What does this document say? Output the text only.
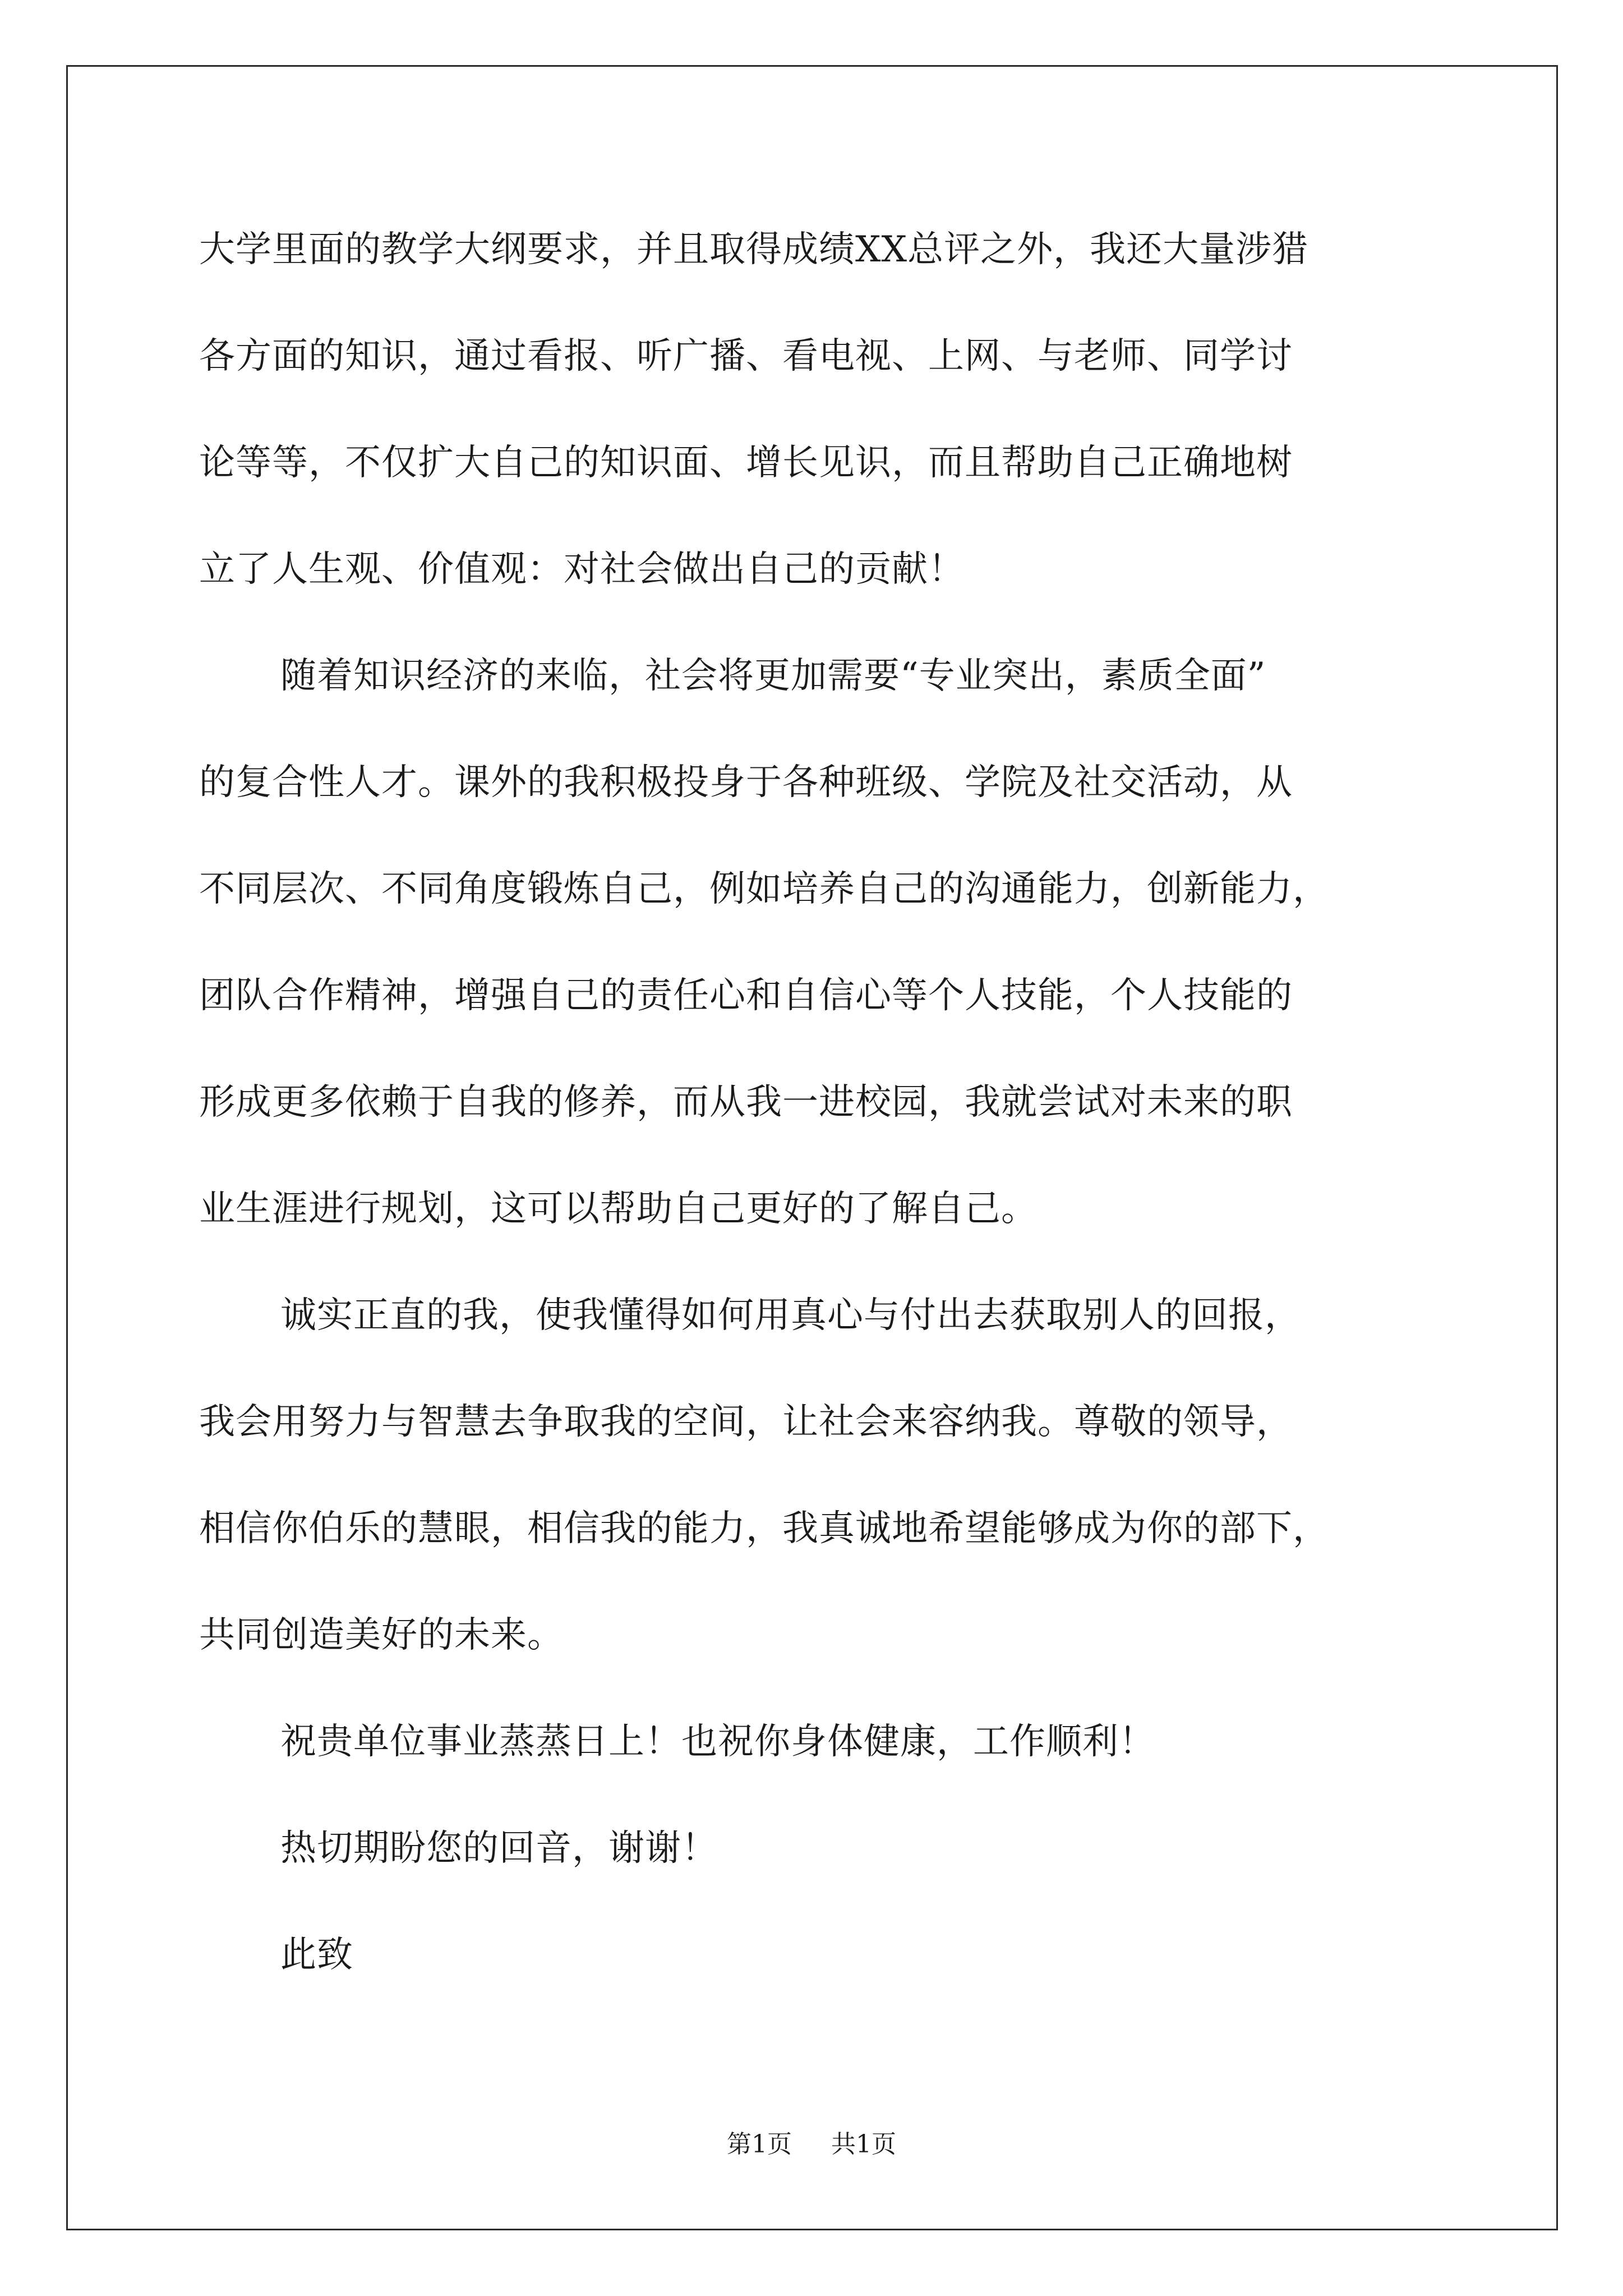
大学里面的教学大纲要求，并且取得成绩XX总评之外，我还大量涉猎
各方面的知识，通过看报、听广播、看电视、上网、与老师、同学讨
论等等，不仅扩大自己的知识面、增长见识，而且帮助自己正确地树
立了人生观、价值观：对社会做出自己的贡献！
随着知识经济的来临，社会将更加需要“专业突出，素质全面”
的复合性人才。课外的我积极投身于各种班级、学院及社交活动，从
不同层次、不同角度锻炼自己，例如培养自己的沟通能力，创新能力，
团队合作精神，增强自己的责任心和自信心等个人技能，个人技能的
形成更多依赖于自我的修养，而从我一进校园，我就尝试对未来的职
业生涯进行规划，这可以帮助自己更好的了解自己。
诚实正直的我，使我懂得如何用真心与付出去获取别人的回报，
我会用努力与智慧去争取我的空间，让社会来容纳我。尊敬的领导，
相信你伯乐的慧眼，相信我的能力，我真诚地希望能够成为你的部下，
共同创造美好的未来。
祝贵单位事业蒸蒸日上！也祝你身体健康，工作顺利！
热切期盼您的回音，谢谢！
此致
第1页 共1页
